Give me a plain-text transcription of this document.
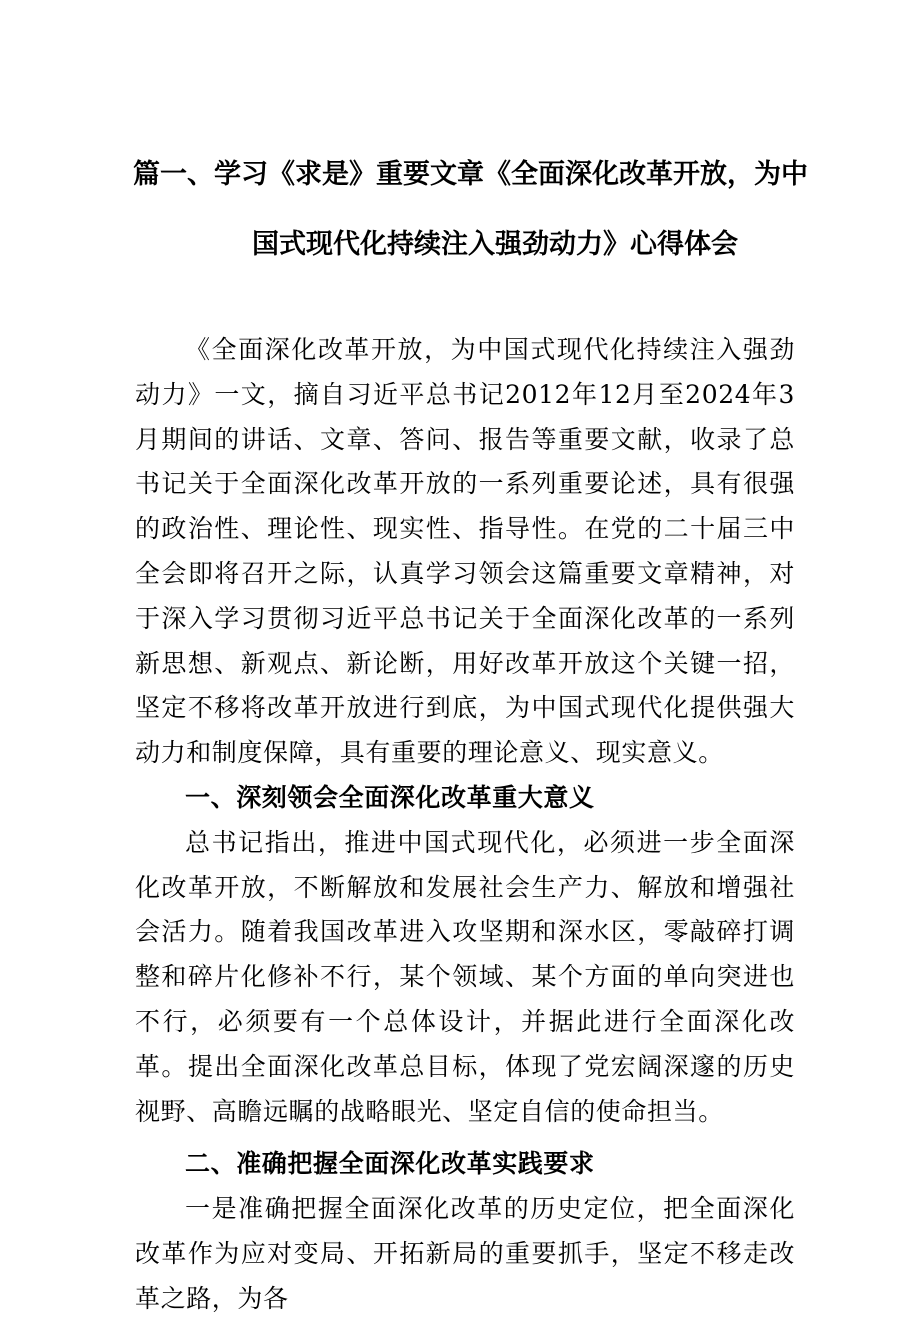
篇一、学习《求是》重要文章《全面深化改革开放，为中
国式现代化持续注入强劲动力》心得体会

《全面深化改革开放，为中国式现代化持续注入强劲动力》一文，摘自习近平总书记2012年12月至2024年3月期间的讲话、文章、答问、报告等重要文献，收录了总书记关于全面深化改革开放的一系列重要论述，具有很强的政治性、理论性、现实性、指导性。在党的二十届三中全会即将召开之际，认真学习领会这篇重要文章精神，对于深入学习贯彻习近平总书记关于全面深化改革的一系列新思想、新观点、新论断，用好改革开放这个关键一招，坚定不移将改革开放进行到底，为中国式现代化提供强大动力和制度保障，具有重要的理论意义、现实意义。

一、深刻领会全面深化改革重大意义

总书记指出，推进中国式现代化，必须进一步全面深化改革开放，不断解放和发展社会生产力、解放和增强社会活力。随着我国改革进入攻坚期和深水区，零敲碎打调整和碎片化修补不行，某个领域、某个方面的单向突进也不行，必须要有一个总体设计，并据此进行全面深化改革。提出全面深化改革总目标，体现了党宏阔深邃的历史视野、高瞻远瞩的战略眼光、坚定自信的使命担当。

二、准确把握全面深化改革实践要求

一是准确把握全面深化改革的历史定位，把全面深化改革作为应对变局、开拓新局的重要抓手，坚定不移走改革之路，为各
